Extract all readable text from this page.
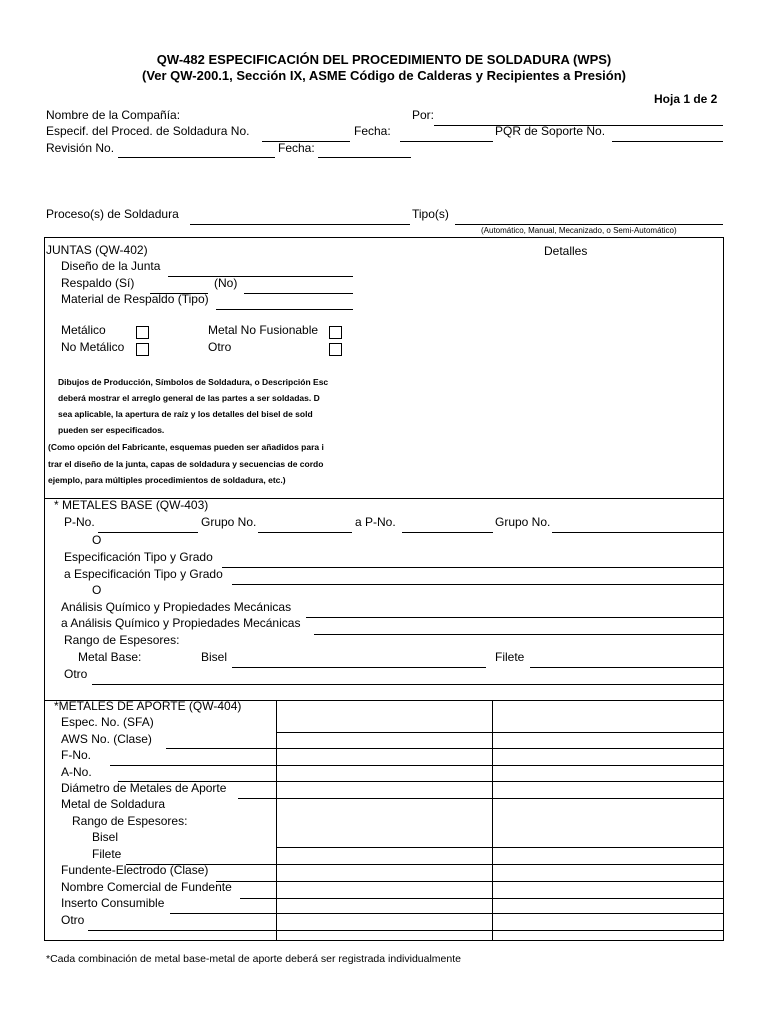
QW-482 ESPECIFICACIÓN DEL PROCEDIMIENTO DE SOLDADURA (WPS)
(Ver QW-200.1, Sección IX, ASME Código de Calderas y Recipientes a Presión)
Hoja 1 de 2
Nombre de la Compañía:	Por:
Especif. del Proced. de Soldadura No.	Fecha:	PQR de Soporte No.
Revisión No.	Fecha:
Proceso(s) de Soldadura	Tipo(s)
(Automático, Manual, Mecanizado, o Semi-Automático)
JUNTAS (QW-402)	Detalles
Diseño de la Junta
Respaldo (Sí)	(No)
Material de Respaldo (Tipo)
Metálico	Metal No Fusionable
No Metálico	Otro
Dibujos de Producción, Símbolos de Soldadura, o Descripción Esc
deberá mostrar el arreglo general de las partes a ser soldadas. D
sea aplicable, la apertura de raíz y los detalles del bisel de sold
pueden ser especificados.
(Como opción del Fabricante, esquemas pueden ser añadidos para i
trar el diseño de la junta, capas de soldadura y secuencias de cordo
ejemplo, para múltiples procedimientos de soldadura, etc.)
* METALES BASE (QW-403)
P-No.	Grupo No.	a P-No.	Grupo No.
O
Especificación Tipo y Grado
a Especificación Tipo y Grado
O
Análisis Químico y Propiedades Mecánicas
a Análisis Químico y Propiedades Mecánicas
Rango de Espesores:
Metal Base:	Bisel	Filete
Otro
*METALES DE APORTE (QW-404)
Espec. No. (SFA)
AWS No. (Clase)
F-No.
A-No.
Diámetro de Metales de Aporte
Metal de Soldadura
Rango de Espesores:
Bisel
Filete
Fundente-Electrodo (Clase)
Nombre Comercial de Fundente
Inserto Consumible
Otro
*Cada combinación de metal base-metal de aporte deberá ser registrada individualmente
